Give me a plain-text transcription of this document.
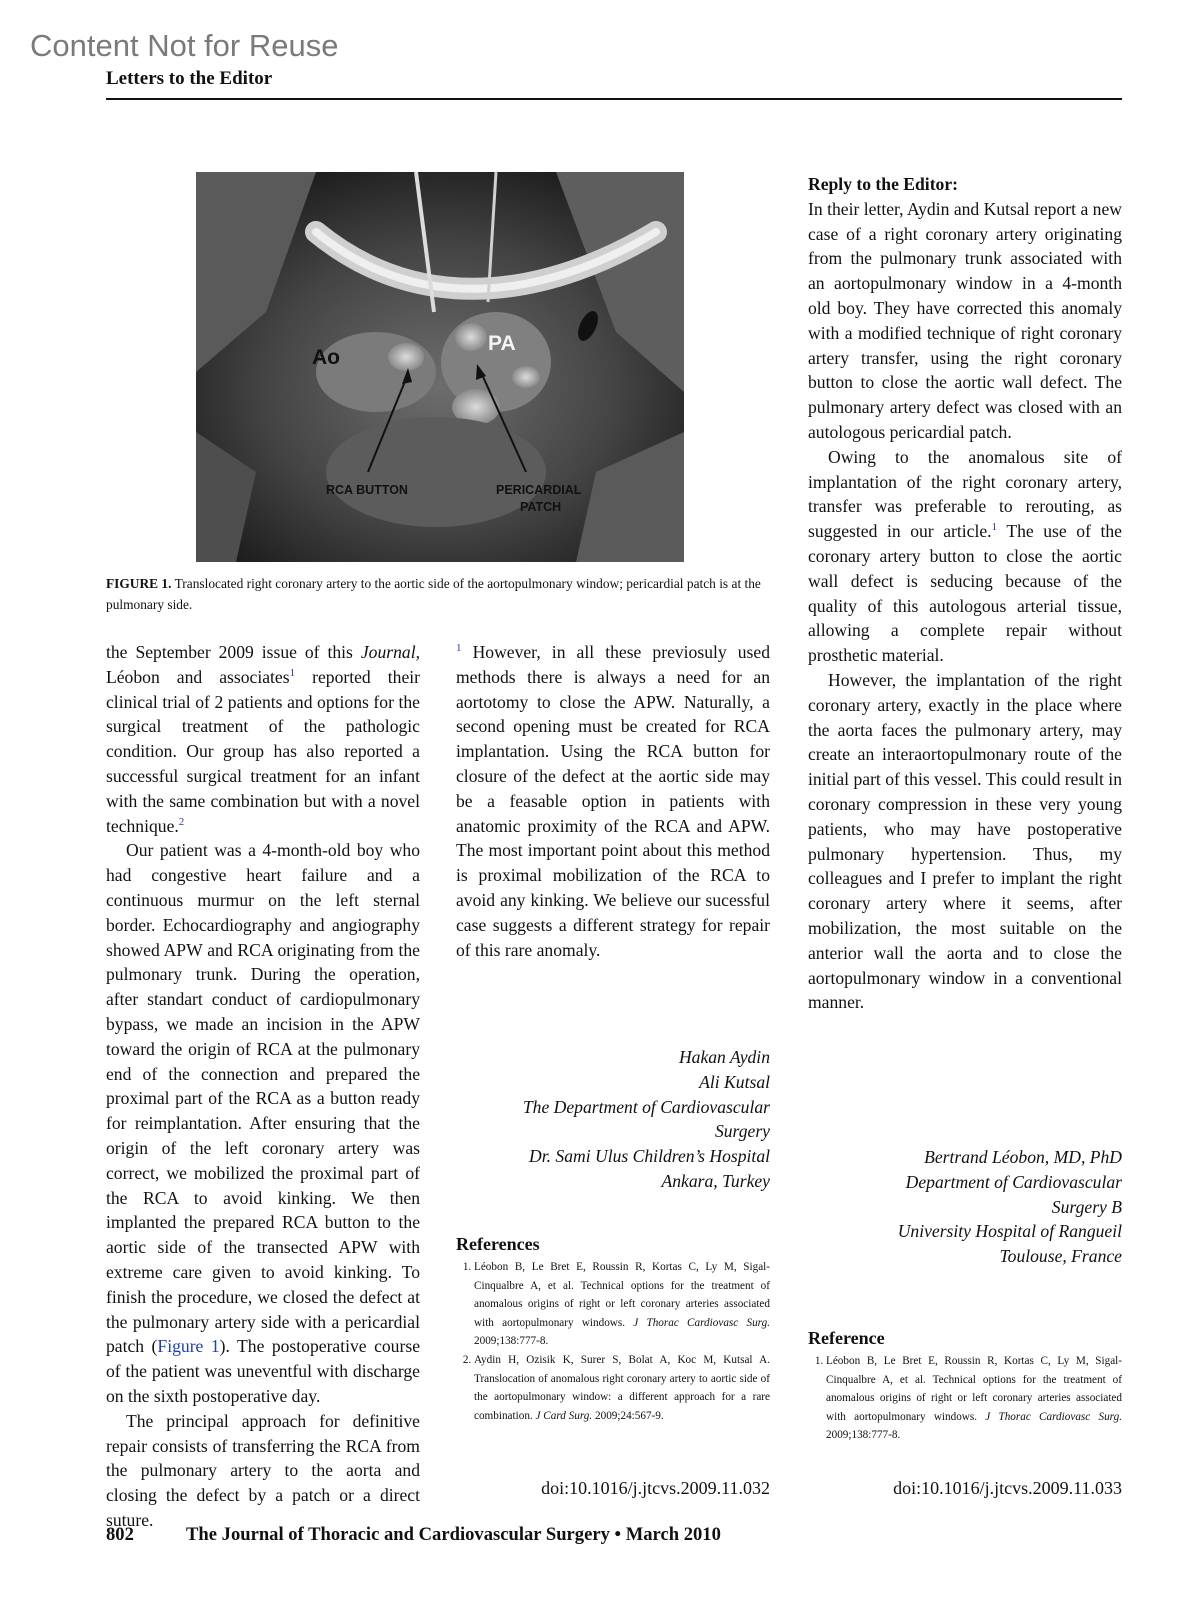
Content Not for Reuse
Letters to the Editor
Ao
PA
RCA BUTTON	PERICARDIAL
PATCH
FIGURE 1. Translocated right coronary artery to the aortic side of the aortopulmonary window; pericardial patch is at the pulmonary side.

the September 2009 issue of this Journal, Léobon and associates$^1$ reported their clinical trial of 2 patients and options for the surgical treatment of the pathologic condition. Our group has also reported a successful surgical treatment for an infant with the same combination but with a novel technique.$^2$

Our patient was a 4-month-old boy who had congestive heart failure and a continuous murmur on the left sternal border. Echocardiography and angiography showed APW and RCA originating from the pulmonary trunk. During the operation, after standart conduct of cardiopulmonary bypass, we made an incision in the APW toward the origin of RCA at the pulmonary end of the connection and prepared the proximal part of the RCA as a button ready for reimplantation. After ensuring that the origin of the left coronary artery was correct, we mobilized the proximal part of the RCA to avoid kinking. We then implanted the prepared RCA button to the aortic side of the transected APW with extreme care given to avoid kinking. To finish the procedure, we closed the defect at the pulmonary artery side with a pericardial patch (Figure 1). The postoperative course of the patient was uneventful with discharge on the sixth postoperative day.

The principal approach for definitive repair consists of transferring the RCA from the pulmonary artery to the aorta and closing the defect by a patch or a direct suture.

$^1$ However, in all these previosuly used methods there is always a need for an aortotomy to close the APW. Naturally, a second opening must be created for RCA implantation. Using the RCA button for closure of the defect at the aortic side may be a feasable option in patients with anatomic proximity of the RCA and APW. The most important point about this method is proximal mobilization of the RCA to avoid any kinking. We believe our sucessful case suggests a different strategy for repair of this rare anomaly.

Hakan Aydin
Ali Kutsal
The Department of Cardiovascular
Surgery
Dr. Sami Ulus Children’s Hospital
Ankara, Turkey
References
1. Léobon B, Le Bret E, Roussin R, Kortas C, Ly M, Sigal-Cinqualbre A, et al. Technical options for the treatment of anomalous origins of right or left coronary arteries associated with aortopulmonary windows. J Thorac Cardiovasc Surg. 2009;138:777-8.
2. Aydin H, Ozisik K, Surer S, Bolat A, Koc M, Kutsal A. Translocation of anomalous right coronary artery to aortic side of the aortopulmonary window: a different approach for a rare combination. J Card Surg. 2009;24:567-9.
doi:10.1016/j.jtcvs.2009.11.032

Reply to the Editor:

In their letter, Aydin and Kutsal report a new case of a right coronary artery originating from the pulmonary trunk associated with an aortopulmonary window in a 4-month old boy. They have corrected this anomaly with a modified technique of right coronary artery transfer, using the right coronary button to close the aortic wall defect. The pulmonary artery defect was closed with an autologous pericardial patch.

Owing to the anomalous site of implantation of the right coronary artery, transfer was preferable to rerouting, as suggested in our article.$^1$ The use of the coronary artery button to close the aortic wall defect is seducing because of the quality of this autologous arterial tissue, allowing a complete repair without prosthetic material.

However, the implantation of the right coronary artery, exactly in the place where the aorta faces the pulmonary artery, may create an interaortopulmonary route of the initial part of this vessel. This could result in coronary compression in these very young patients, who may have postoperative pulmonary hypertension. Thus, my colleagues and I prefer to implant the right coronary artery where it seems, after mobilization, the most suitable on the anterior wall the aorta and to close the aortopulmonary window in a conventional manner.

Bertrand Léobon, MD, PhD
Department of Cardiovascular
Surgery B
University Hospital of Rangueil
Toulouse, France
Reference
1. Léobon B, Le Bret E, Roussin R, Kortas C, Ly M, Sigal-Cinqualbre A, et al. Technical options for the treatment of anomalous origins of right or left coronary arteries associated with aortopulmonary windows. J Thorac Cardiovasc Surg. 2009;138:777-8.
doi:10.1016/j.jtcvs.2009.11.033
802	The Journal of Thoracic and Cardiovascular Surgery • March 2010
